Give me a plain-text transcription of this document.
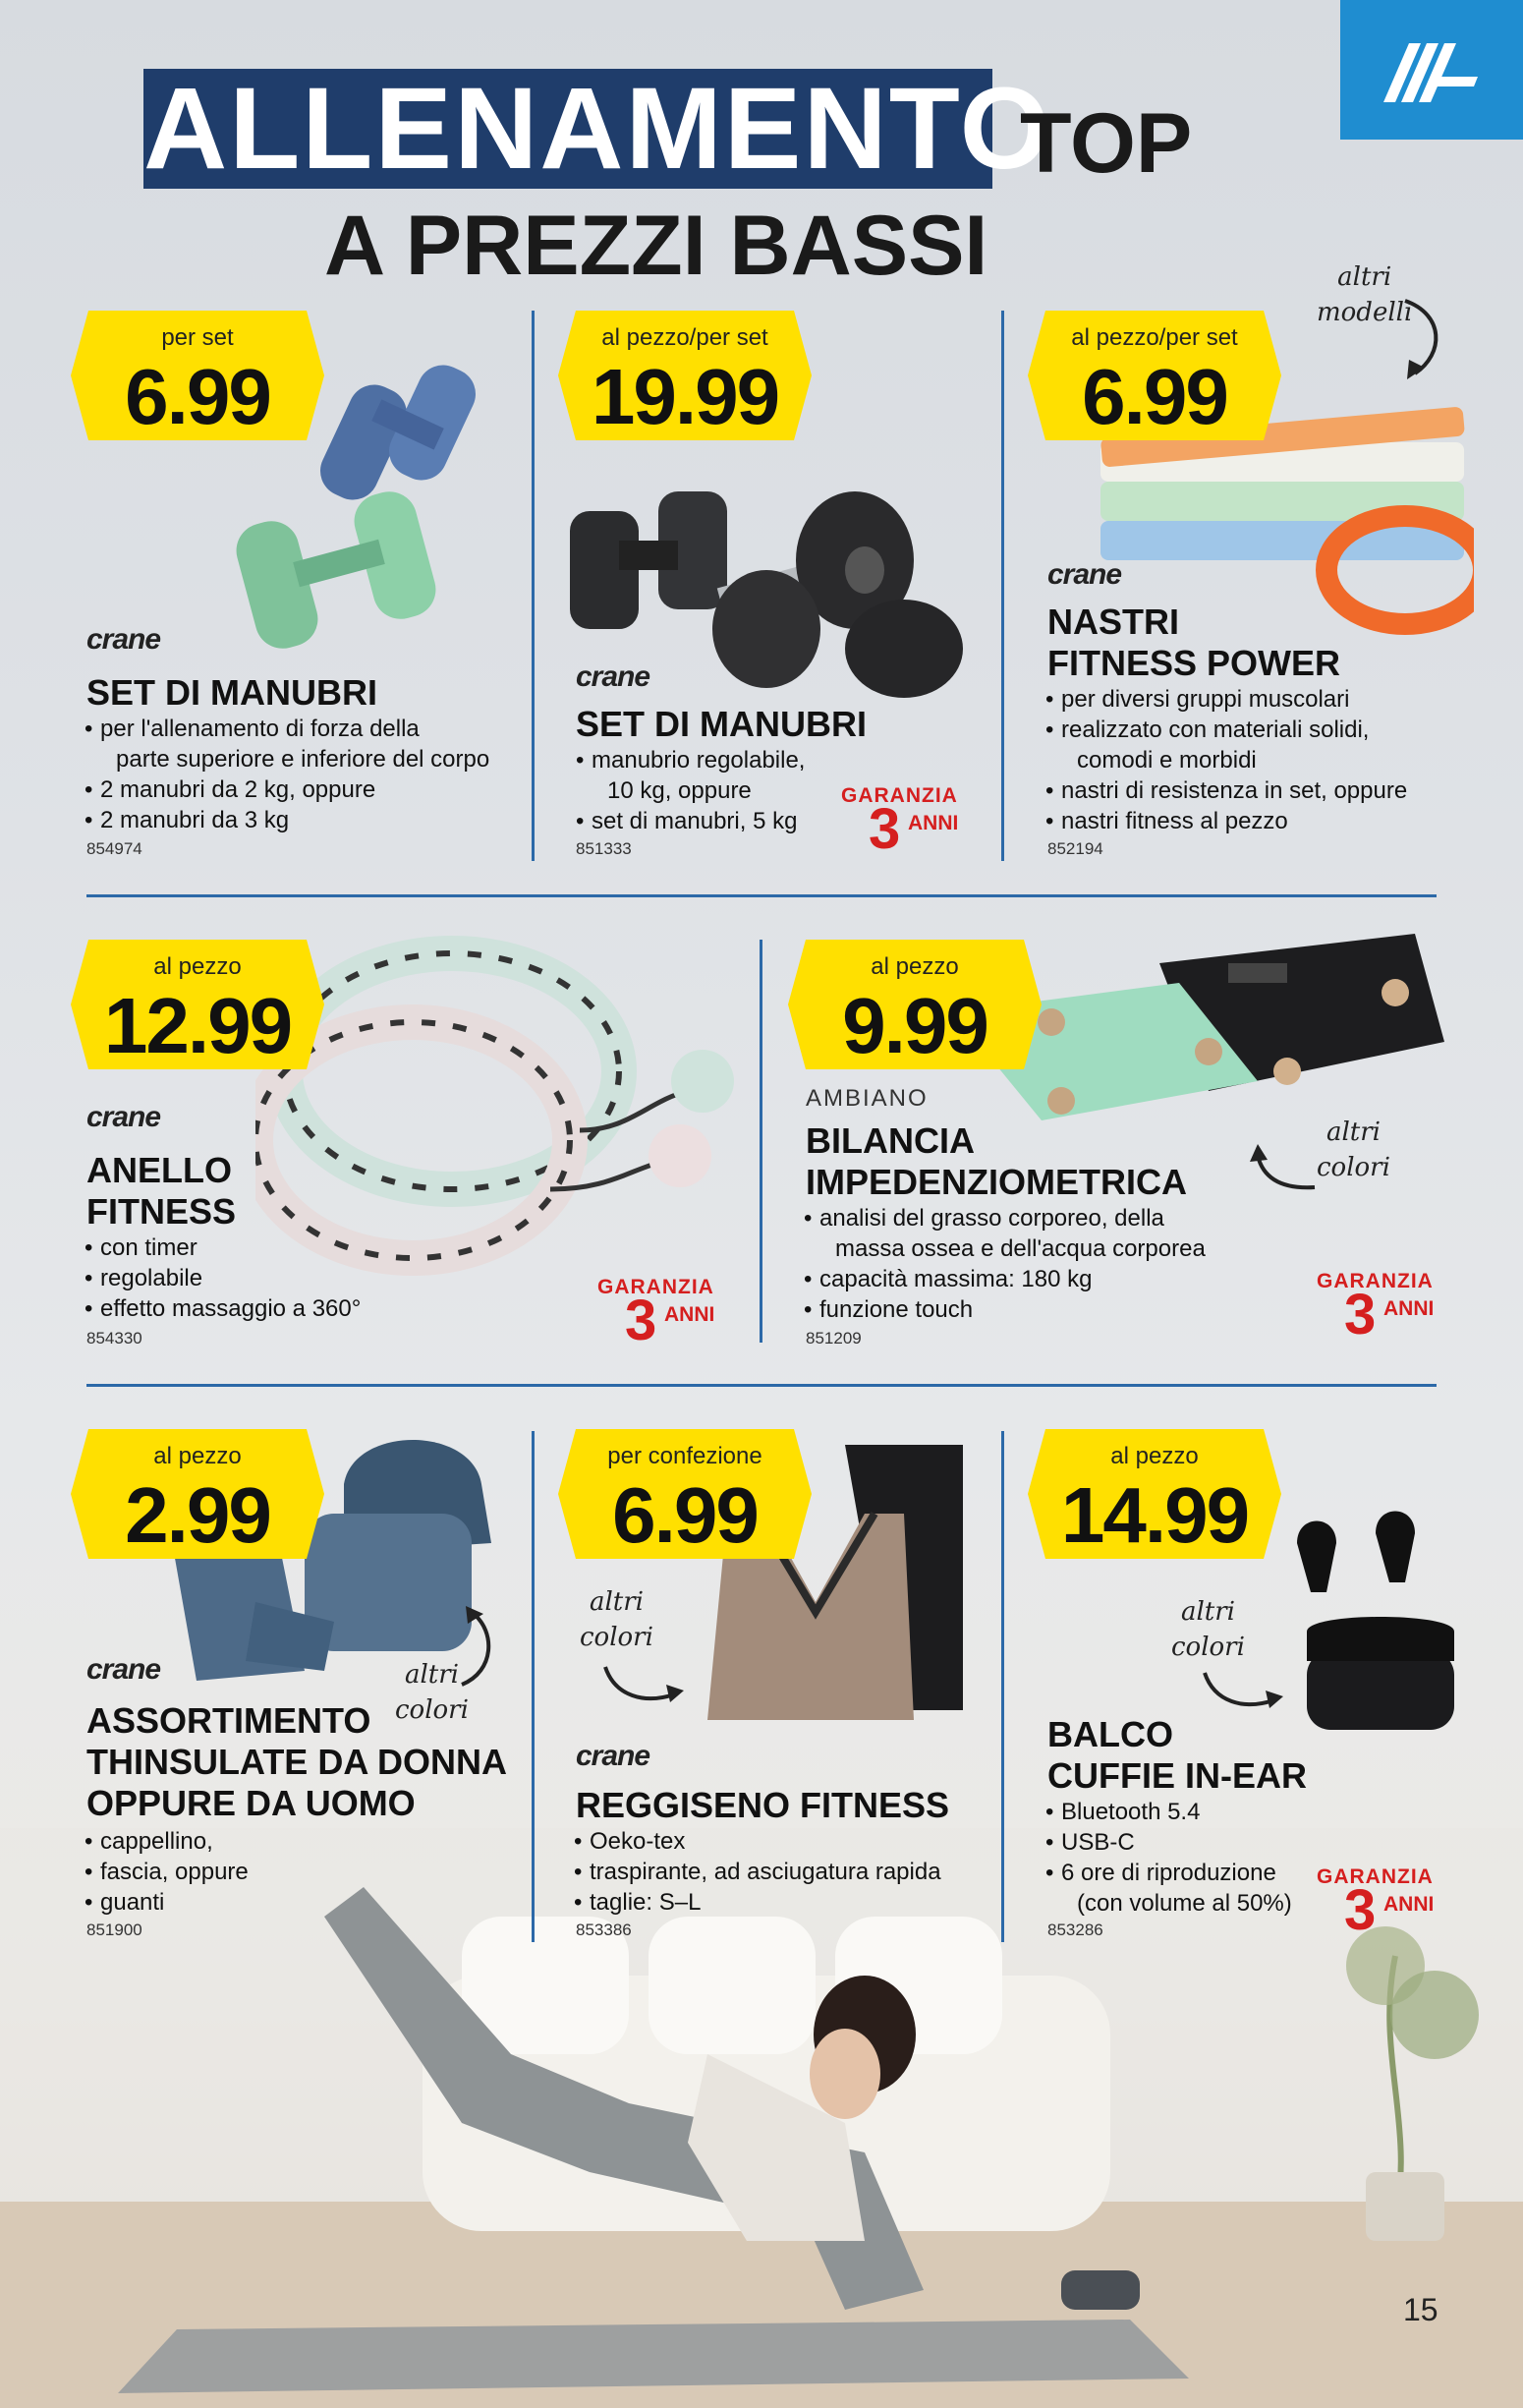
ALLENAMENTO
TOP
A PREZZI BASSI
per set
6.99
crane
SET DI MANUBRI
• per l'allenamento di forza della
parte superiore e inferiore del corpo
• 2 manubri da 2 kg, oppure
• 2 manubri da 3 kg
854974
al pezzo/per set
19.99
crane
SET DI MANUBRI
• manubrio regolabile,
10 kg, oppure
• set di manubri, 5 kg
851333
GARANZIA
3 ANNI
al pezzo/per set
6.99
altri
modelli
crane
NASTRI
FITNESS POWER
• per diversi gruppi muscolari
• realizzato con materiali solidi,
comodi e morbidi
• nastri di resistenza in set, oppure
• nastri fitness al pezzo
852194
al pezzo
12.99
crane
ANELLO
FITNESS
• con timer
• regolabile
• effetto massaggio a 360°
854330
GARANZIA
3 ANNI
al pezzo
9.99
AMBIANO
BILANCIA
IMPEDENZIOMETRICA
• analisi del grasso corporeo, della
massa ossea e dell'acqua corporea
• capacità massima: 180 kg
• funzione touch
851209
altri
colori
GARANZIA
3 ANNI
al pezzo
2.99
altri
colori
crane
ASSORTIMENTO
THINSULATE DA DONNA
OPPURE DA UOMO
• cappellino,
• fascia, oppure
• guanti
851900
per confezione
6.99
altri
colori
crane
REGGISENO FITNESS
• Oeko-tex
• traspirante, ad asciugatura rapida
• taglie: S–L
853386
al pezzo
14.99
altri
colori
BALCO
CUFFIE IN-EAR
• Bluetooth 5.4
• USB-C
• 6 ore di riproduzione
(con volume al 50%)
853286
GARANZIA
3 ANNI
15
